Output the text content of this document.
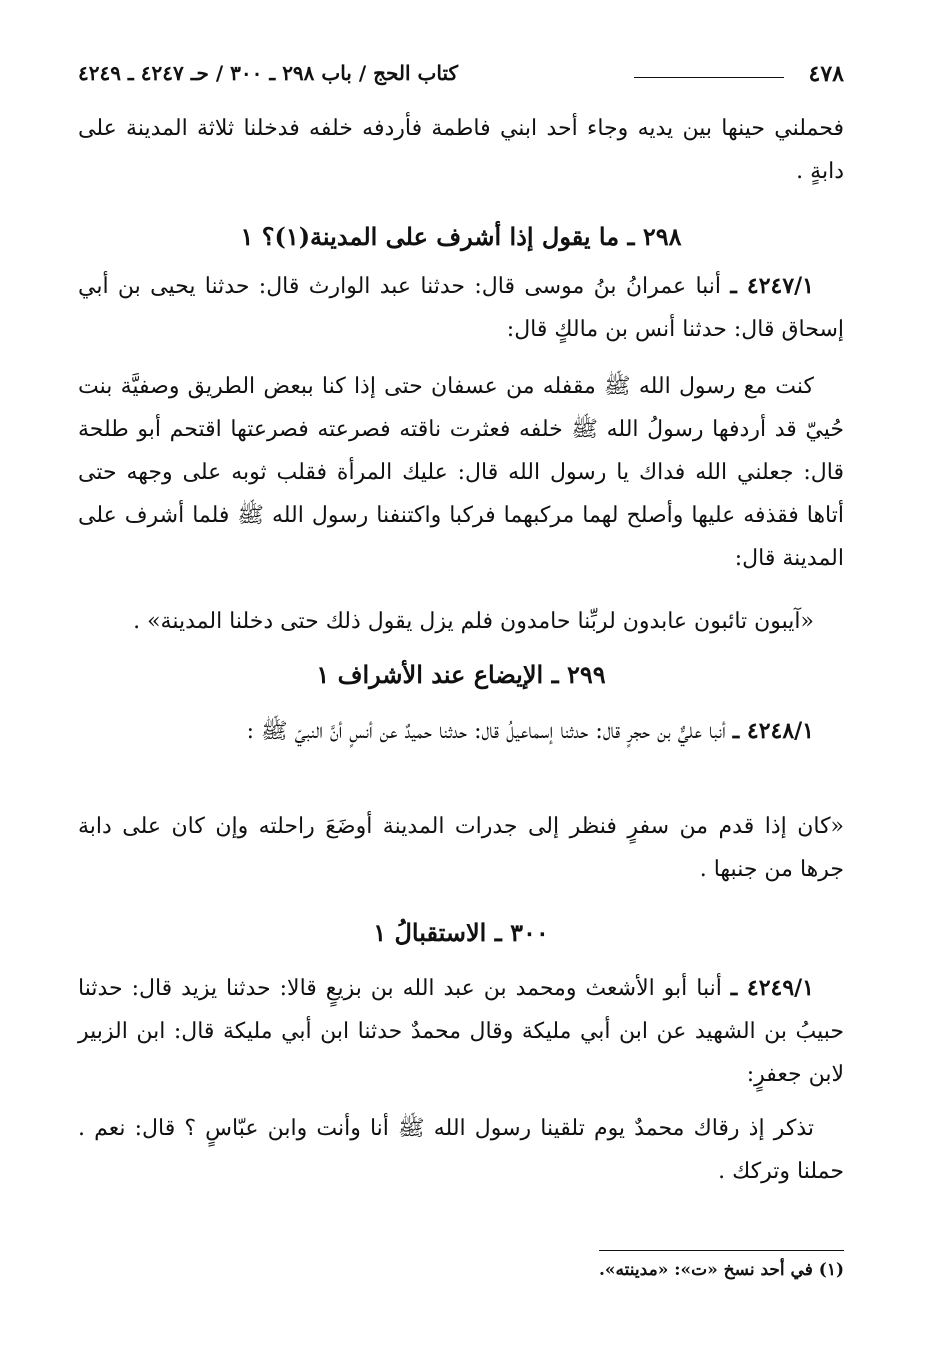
٤٧٨
كتاب الحج / باب ٢٩٨ ـ ٣٠٠ / حـ ٤٢٤٧ ـ ٤٢٤٩

فحملني حينها بين يديه وجاء أحد ابني فاطمة فأردفه خلفه فدخلنا ثلاثة المدينة على دابةٍ .

٢٩٨ ـ ما يقول إذا أشرف على المدينة(١)؟ ١

٤٢٤٧/١ ـ أنبا عمرانُ بنُ موسى قال: حدثنا عبد الوارث قال: حدثنا يحيى بن أبي إسحاق قال: حدثنا أنس بن مالكٍ قال:

كنت مع رسول الله ﷺ مقفله من عسفان حتى إذا كنا ببعض الطريق وصفيَّة بنت حُييّ قد أردفها رسولُ الله ﷺ خلفه فعثرت ناقته فصرعته فصرعتها اقتحم أبو طلحة قال: جعلني الله فداك يا رسول الله قال: عليك المرأة فقلب ثوبه على وجهه حتى أتاها فقذفه عليها وأصلح لهما مركبهما فركبا واكتنفنا رسول الله ﷺ فلما أشرف على المدينة قال:

«آيبون تائبون عابدون لربِّنا حامدون فلم يزل يقول ذلك حتى دخلنا المدينة» .

٢٩٩ ـ الإيضاع عند الأشراف ١

٤٢٤٨/١ ـ أنبا عليٌّ بن حجرٍ قال: حدثنا إسماعيلُ قال: حدثنا حميدٌ عن أنسٍ أنَّ النبيّ ﷺ :

«كان إذا قدم من سفرٍ فنظر إلى جدرات المدينة أوضَعَ راحلته وإن كان على دابة جرها من جنبها .

٣٠٠ ـ الاستقبالُ ١

٤٢٤٩/١ ـ أنبا أبو الأشعث ومحمد بن عبد الله بن بزيعٍ قالا: حدثنا يزيد قال: حدثنا حبيبُ بن الشهيد عن ابن أبي مليكة وقال محمدٌ حدثنا ابن أبي مليكة قال: ابن الزبير لابن جعفرٍ:

تذكر إذ رقاك محمدٌ يوم تلقينا رسول الله ﷺ أنا وأنت وابن عبّاسٍ ؟ قال: نعم . حملنا وتركك .

(١) في أحد نسخ «ت»: «مدينته».
